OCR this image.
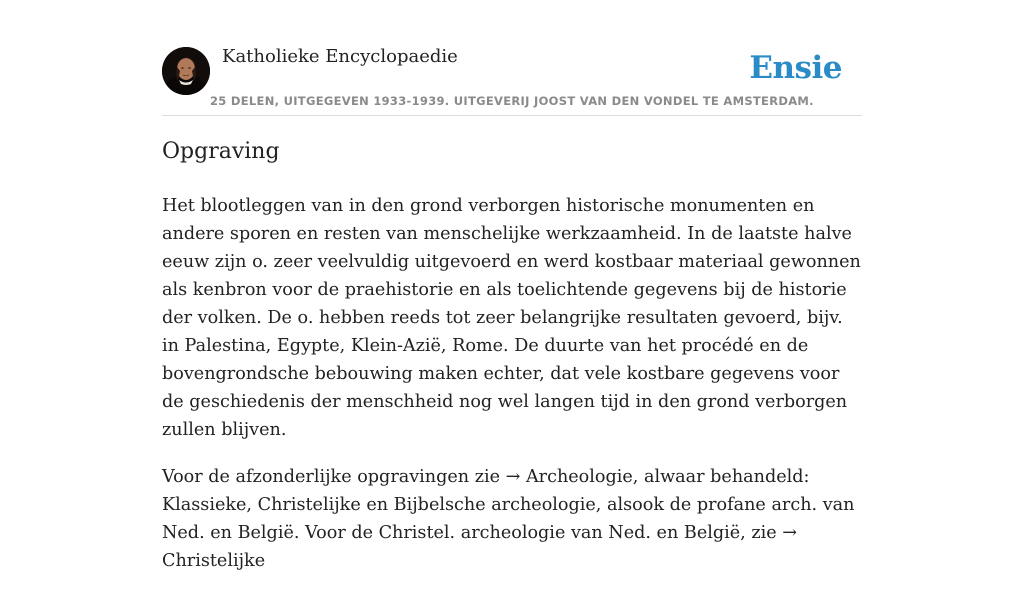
Katholieke Encyclopaedie	Ensie
25 DELEN, UITGEGEVEN 1933-1939. UITGEVERIJ JOOST VAN DEN VONDEL TE AMSTERDAM.
Opgraving

Het blootleggen van in den grond verborgen historische monumenten en andere sporen en resten van menschelijke werkzaamheid. In de laatste halve eeuw zijn o. zeer veelvuldig uitgevoerd en werd kostbaar materiaal gewonnen als kenbron voor de praehistorie en als toelichtende gegevens bij de historie der volken. De o. hebben reeds tot zeer belangrijke resultaten gevoerd, bijv. in Palestina, Egypte, Klein-Azië, Rome. De duurte van het procédé en de bovengrondsche bebouwing maken echter, dat vele kostbare gegevens voor de geschiedenis der menschheid nog wel langen tijd in den grond verborgen zullen blijven.

Voor de afzonderlijke opgravingen zie → Archeologie, alwaar behandeld: Klassieke, Christelijke en Bijbelsche archeologie, alsook de profane arch. van Ned. en België. Voor de Christel. archeologie van Ned. en België, zie → Christelijke
